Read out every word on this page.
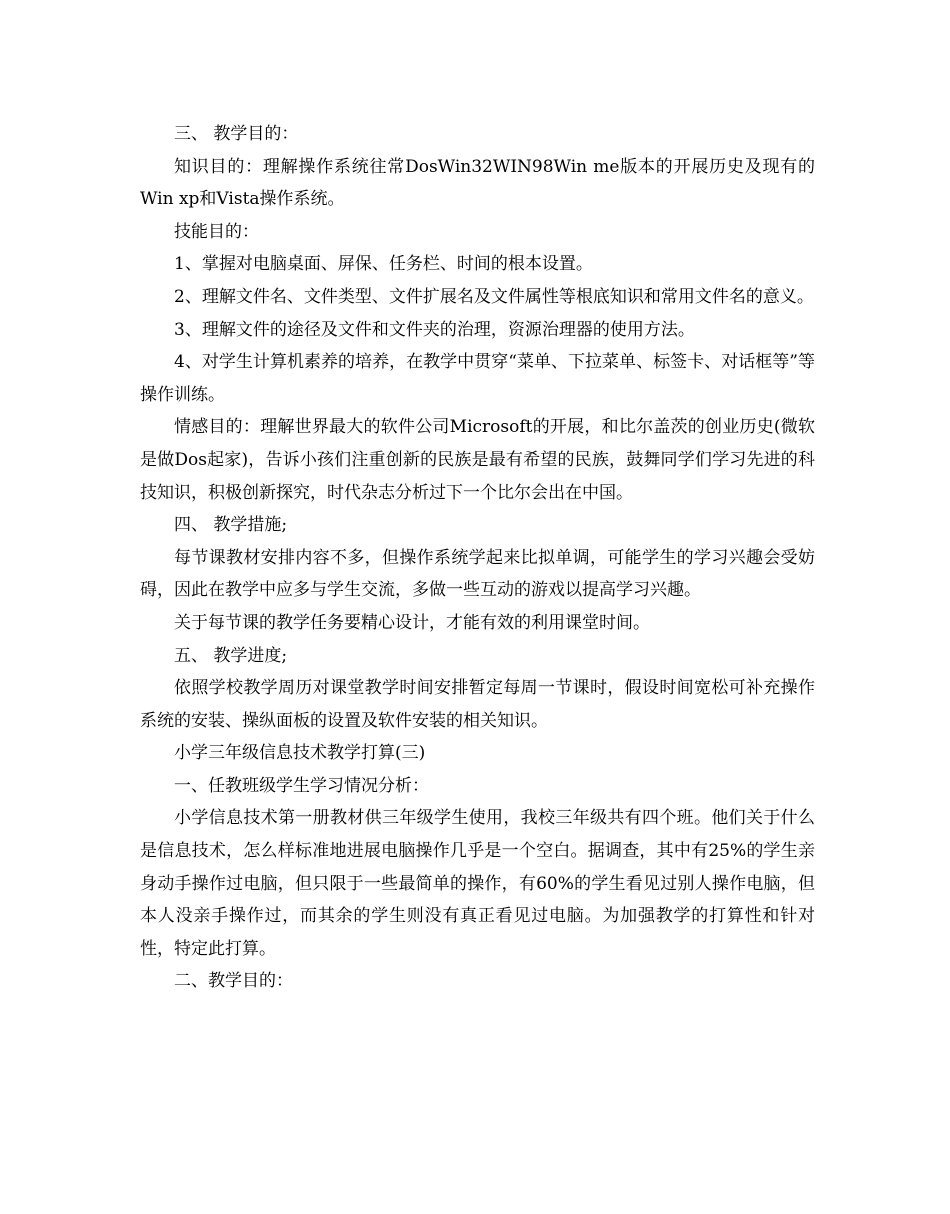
三、 教学目的：

知识目的：理解操作系统往常DosWin32WIN98Win me版本的开展历史及现有的Win xp和Vista操作系统。

技能目的：

1、掌握对电脑桌面、屏保、任务栏、时间的根本设置。

2、理解文件名、文件类型、文件扩展名及文件属性等根底知识和常用文件名的意义。

3、理解文件的途径及文件和文件夹的治理，资源治理器的使用方法。

4、对学生计算机素养的培养，在教学中贯穿“菜单、下拉菜单、标签卡、对话框等”等操作训练。

情感目的：理解世界最大的软件公司Microsoft的开展，和比尔盖茨的创业历史(微软是做Dos起家)，告诉小孩们注重创新的民族是最有希望的民族，鼓舞同学们学习先进的科技知识，积极创新探究，时代杂志分析过下一个比尔会出在中国。

四、 教学措施;

每节课教材安排内容不多，但操作系统学起来比拟单调，可能学生的学习兴趣会受妨碍，因此在教学中应多与学生交流，多做一些互动的游戏以提高学习兴趣。

关于每节课的教学任务要精心设计，才能有效的利用课堂时间。

五、 教学进度;

依照学校教学周历对课堂教学时间安排暂定每周一节课时，假设时间宽松可补充操作系统的安装、操纵面板的设置及软件安装的相关知识。

小学三年级信息技术教学打算(三)

一、任教班级学生学习情况分析：

小学信息技术第一册教材供三年级学生使用，我校三年级共有四个班。他们关于什么是信息技术，怎么样标准地进展电脑操作几乎是一个空白。据调查，其中有25%的学生亲身动手操作过电脑，但只限于一些最简单的操作，有60%的学生看见过别人操作电脑，但本人没亲手操作过，而其余的学生则没有真正看见过电脑。为加强教学的打算性和针对性，特定此打算。

二、教学目的：
